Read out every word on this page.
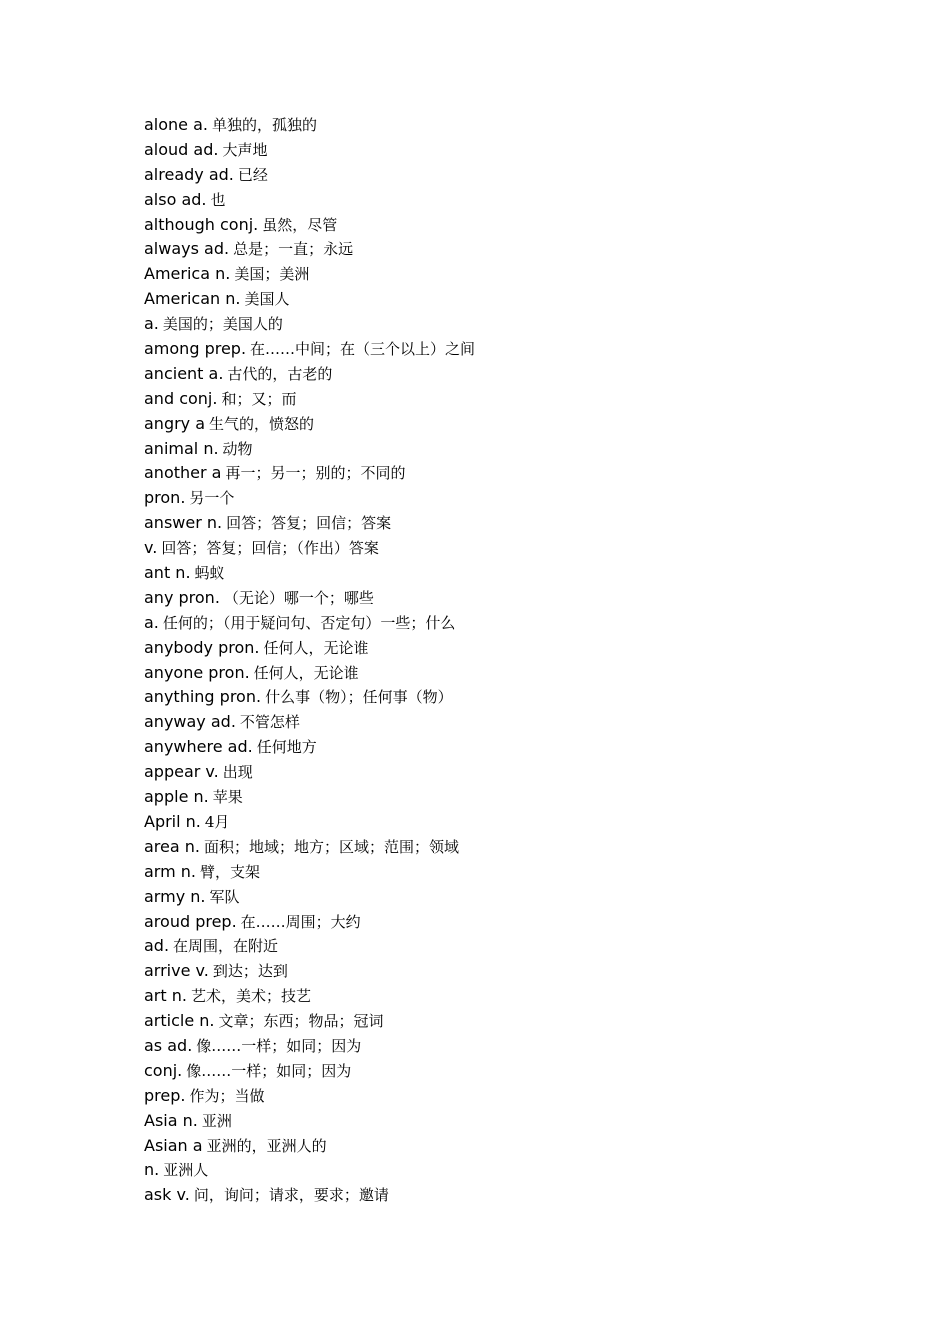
alone a. 单独的，孤独的
aloud ad. 大声地
already ad. 已经
also ad. 也
although conj. 虽然，尽管
always ad. 总是；一直；永远
America n. 美国；美洲
American n. 美国人
a. 美国的；美国人的
among prep. 在……中间；在（三个以上）之间
ancient a. 古代的，古老的
and conj. 和；又；而
angry a 生气的，愤怒的
animal n. 动物
another a 再一；另一；别的；不同的
pron. 另一个
answer n. 回答；答复；回信；答案
v. 回答；答复；回信；（作出）答案
ant n. 蚂蚁
any pron. （无论）哪一个；哪些
a. 任何的；（用于疑问句、否定句）一些；什么
anybody pron. 任何人，无论谁
anyone pron. 任何人，无论谁
anything pron. 什么事（物）；任何事（物）
anyway ad. 不管怎样
anywhere ad. 任何地方
appear v. 出现
apple n. 苹果
April n. 4月
area n. 面积；地域；地方；区域；范围；领域
arm n. 臂，支架
army n. 军队
aroud prep. 在……周围；大约
ad. 在周围，在附近
arrive v. 到达；达到
art n. 艺术，美术；技艺
article n. 文章；东西；物品；冠词
as ad. 像……一样；如同；因为
conj. 像……一样；如同；因为
prep. 作为；当做
Asia n. 亚洲
Asian a 亚洲的，亚洲人的
n. 亚洲人
ask v. 问，询问；请求，要求；邀请
